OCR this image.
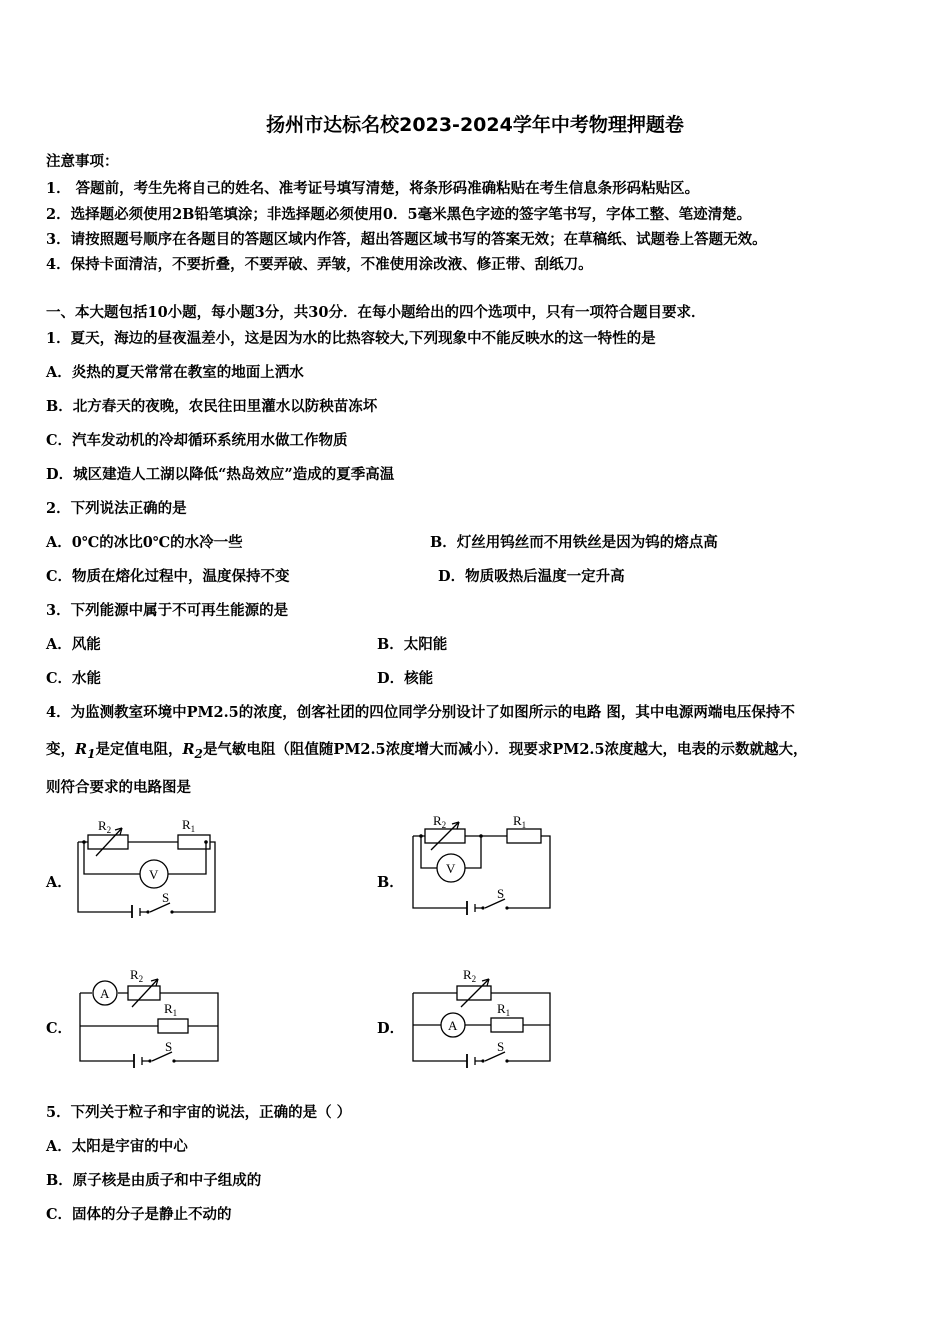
扬州市达标名校2023-2024学年中考物理押题卷
注意事项：
1． 答题前，考生先将自己的姓名、准考证号填写清楚，将条形码准确粘贴在考生信息条形码粘贴区。
2．选择题必须使用2B铅笔填涂；非选择题必须使用0．5毫米黑色字迹的签字笔书写，字体工整、笔迹清楚。
3．请按照题号顺序在各题目的答题区域内作答，超出答题区域书写的答案无效；在草稿纸、试题卷上答题无效。
4．保持卡面清洁，不要折叠，不要弄破、弄皱，不准使用涂改液、修正带、刮纸刀。
一、本大题包括10小题，每小题3分，共30分．在每小题给出的四个选项中，只有一项符合题目要求．
1．夏天，海边的昼夜温差小，这是因为水的比热容较大,下列现象中不能反映水的这一特性的是
A．炎热的夏天常常在教室的地面上洒水
B．北方春天的夜晚，农民往田里灌水以防秧苗冻坏
C．汽车发动机的冷却循环系统用水做工作物质
D．城区建造人工湖以降低“热岛效应”造成的夏季高温
2．下列说法正确的是
A．0℃的冰比0℃的水冷一些	B．灯丝用钨丝而不用铁丝是因为钨的熔点高
C．物质在熔化过程中，温度保持不变	D．物质吸热后温度一定升高
3．下列能源中属于不可再生能源的是
A．风能	B．太阳能
C．水能	D．核能
4．为监测教室环境中PM2.5的浓度，创客社团的四位同学分别设计了如图所示的电路 图，其中电源两端电压保持不
变，$R_1$是定值电阻，$R_2$是气敏电阻（阻值随PM2.5浓度增大而减小）．现要求PM2.5浓度越大，电表的示数就越大，
则符合要求的电路图是
A．
$R_2$	$R_1$
V
S
B．
$R_2$	$R_1$
V
S
C．
$R_2$
$R_1$
A
S
D．
$R_2$
$R_1$
A
S
5．下列关于粒子和宇宙的说法，正确的是（ ）
A．太阳是宇宙的中心
B．原子核是由质子和中子组成的
C．固体的分子是静止不动的
